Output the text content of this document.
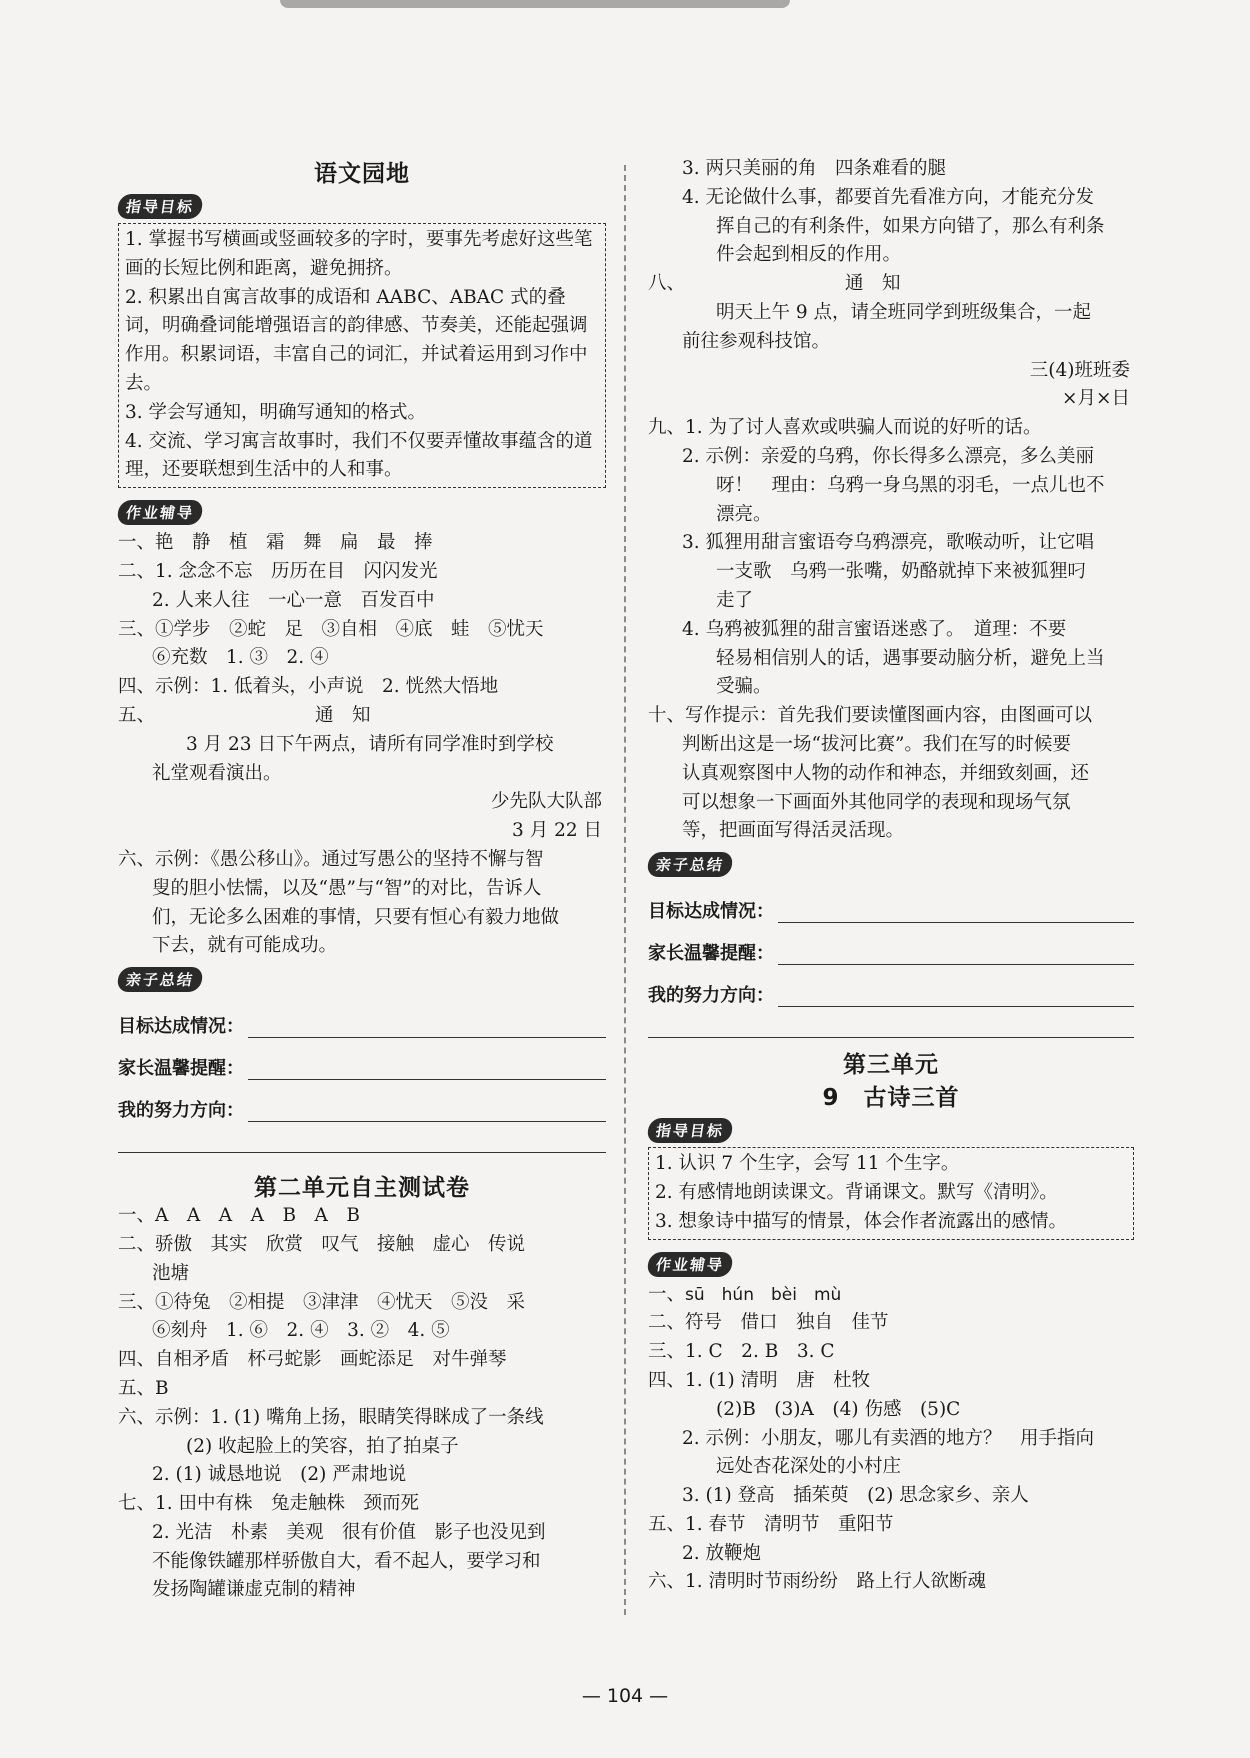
语文园地
指导目标
1. 掌握书写横画或竖画较多的字时，要事先考虑好这些笔画的长短比例和距离，避免拥挤。
2. 积累出自寓言故事的成语和 AABC、ABAC 式的叠词，明确叠词能增强语言的韵律感、节奏美，还能起强调作用。积累词语，丰富自己的词汇，并试着运用到习作中去。
3. 学会写通知，明确写通知的格式。
4. 交流、学习寓言故事时，我们不仅要弄懂故事蕴含的道理，还要联想到生活中的人和事。
作业辅导
一、艳　静　植　霜　舞　扁　最　捧
二、1. 念念不忘　历历在目　闪闪发光
2. 人来人往　一心一意　百发百中
三、①学步　②蛇　足　③自相　④底　蛙　⑤忧天
⑥充数　1. ③　2. ④
四、示例：1. 低着头，小声说　2. 恍然大悟地
五、	通　知
3 月 23 日下午两点，请所有同学准时到学校
礼堂观看演出。
少先队大队部
3 月 22 日
六、示例：《愚公移山》。通过写愚公的坚持不懈与智
叟的胆小怯懦，以及“愚”与“智”的对比，告诉人
们，无论多么困难的事情，只要有恒心有毅力地做
下去，就有可能成功。
亲子总结
目标达成情况：
家长温馨提醒：
我的努力方向：
第二单元自主测试卷
一、A　A　A　A　B　A　B
二、骄傲　其实　欣赏　叹气　接触　虚心　传说
池塘
三、①待兔　②相提　③津津　④忧天　⑤没　采
⑥刻舟　1. ⑥　2. ④　3. ②　4. ⑤
四、自相矛盾　杯弓蛇影　画蛇添足　对牛弹琴
五、B
六、示例：1. (1) 嘴角上扬，眼睛笑得眯成了一条线
(2) 收起脸上的笑容，拍了拍桌子
2. (1) 诚恳地说　(2) 严肃地说
七、1. 田中有株　兔走触株　颈而死
2. 光洁　朴素　美观　很有价值　影子也没见到
不能像铁罐那样骄傲自大，看不起人，要学习和
发扬陶罐谦虚克制的精神
3. 两只美丽的角　四条难看的腿
4. 无论做什么事，都要首先看准方向，才能充分发
挥自己的有利条件，如果方向错了，那么有利条
件会起到相反的作用。
八、	通　知
明天上午 9 点，请全班同学到班级集合，一起
前往参观科技馆。
三(4)班班委
×月×日
九、1. 为了讨人喜欢或哄骗人而说的好听的话。
2. 示例：亲爱的乌鸦，你长得多么漂亮，多么美丽
呀！　理由：乌鸦一身乌黑的羽毛，一点儿也不
漂亮。
3. 狐狸用甜言蜜语夸乌鸦漂亮，歌喉动听，让它唱
一支歌　乌鸦一张嘴，奶酪就掉下来被狐狸叼
走了
4. 乌鸦被狐狸的甜言蜜语迷惑了。　道理：不要
轻易相信别人的话，遇事要动脑分析，避免上当
受骗。
十、写作提示：首先我们要读懂图画内容，由图画可以
判断出这是一场“拔河比赛”。我们在写的时候要
认真观察图中人物的动作和神态，并细致刻画，还
可以想象一下画面外其他同学的表现和现场气氛
等，把画面写得活灵活现。
亲子总结
目标达成情况：
家长温馨提醒：
我的努力方向：
第三单元
9　古诗三首
指导目标
1. 认识 7 个生字，会写 11 个生字。
2. 有感情地朗读课文。背诵课文。默写《清明》。
3. 想象诗中描写的情景，体会作者流露出的感情。
作业辅导
一、sū　hún　bèi　mù
二、符号　借口　独自　佳节
三、1. C　2. B　3. C
四、1. (1) 清明　唐　杜牧
(2)B　(3)A　(4) 伤感　(5)C
2. 示例：小朋友，哪儿有卖酒的地方？　用手指向
远处杏花深处的小村庄
3. (1) 登高　插茱萸　(2) 思念家乡、亲人
五、1. 春节　清明节　重阳节
2. 放鞭炮
六、1. 清明时节雨纷纷　路上行人欲断魂
— 104 —
